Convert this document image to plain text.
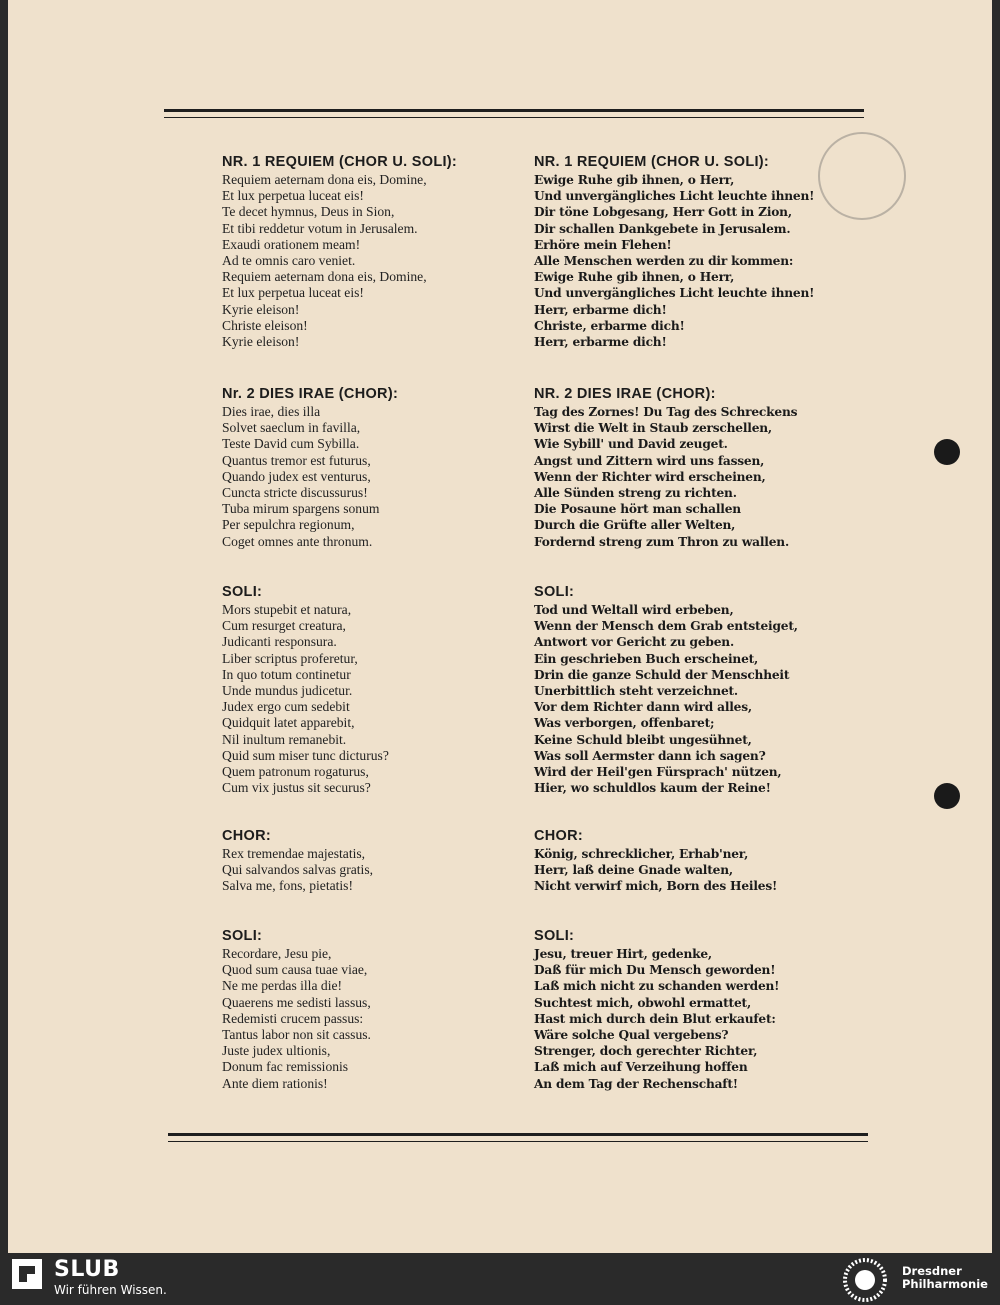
NR. 1 REQUIEM (CHOR U. SOLI):
Requiem aeternam dona eis, Domine,
Et lux perpetua luceat eis!
Te decet hymnus, Deus in Sion,
Et tibi reddetur votum in Jerusalem.
Exaudi orationem meam!
Ad te omnis caro veniet.
Requiem aeternam dona eis, Domine,
Et lux perpetua luceat eis!
Kyrie eleison!
Christe eleison!
Kyrie eleison!
Nr. 2 DIES IRAE (CHOR):
Dies irae, dies illa
Solvet saeclum in favilla,
Teste David cum Sybilla.
Quantus tremor est futurus,
Quando judex est venturus,
Cuncta stricte discussurus!
Tuba mirum spargens sonum
Per sepulchra regionum,
Coget omnes ante thronum.
SOLI:
Mors stupebit et natura,
Cum resurget creatura,
Judicanti responsura.
Liber scriptus proferetur,
In quo totum continetur
Unde mundus judicetur.
Judex ergo cum sedebit
Quidquit latet apparebit,
Nil inultum remanebit.
Quid sum miser tunc dicturus?
Quem patronum rogaturus,
Cum vix justus sit securus?
CHOR:
Rex tremendae majestatis,
Qui salvandos salvas gratis,
Salva me, fons, pietatis!
SOLI:
Recordare, Jesu pie,
Quod sum causa tuae viae,
Ne me perdas illa die!
Quaerens me sedisti lassus,
Redemisti crucem passus:
Tantus labor non sit cassus.
Juste judex ultionis,
Donum fac remissionis
Ante diem rationis!
NR. 1 REQUIEM (CHOR U. SOLI):
Ewige Ruhe gib ihnen, o Herr,
Und unvergängliches Licht leuchte ihnen!
Dir töne Lobgesang, Herr Gott in Zion,
Dir schallen Dankgebete in Jerusalem.
Erhöre mein Flehen!
Alle Menschen werden zu dir kommen:
Ewige Ruhe gib ihnen, o Herr,
Und unvergängliches Licht leuchte ihnen!
Herr, erbarme dich!
Christe, erbarme dich!
Herr, erbarme dich!
NR. 2 DIES IRAE (CHOR):
Tag des Zornes! Du Tag des Schreckens
Wirst die Welt in Staub zerschellen,
Wie Sybill' und David zeuget.
Angst und Zittern wird uns fassen,
Wenn der Richter wird erscheinen,
Alle Sünden streng zu richten.
Die Posaune hört man schallen
Durch die Grüfte aller Welten,
Fordernd streng zum Thron zu wallen.
SOLI:
Tod und Weltall wird erbeben,
Wenn der Mensch dem Grab entsteiget,
Antwort vor Gericht zu geben.
Ein geschrieben Buch erscheinet,
Drin die ganze Schuld der Menschheit
Unerbittlich steht verzeichnet.
Vor dem Richter dann wird alles,
Was verborgen, offenbaret;
Keine Schuld bleibt ungesühnet,
Was soll Aermster dann ich sagen?
Wird der Heil'gen Fürsprach' nützen,
Hier, wo schuldlos kaum der Reine!
CHOR:
König, schrecklicher, Erhab'ner,
Herr, laß deine Gnade walten,
Nicht verwirf mich, Born des Heiles!
SOLI:
Jesu, treuer Hirt, gedenke,
Daß für mich Du Mensch geworden!
Laß mich nicht zu schanden werden!
Suchtest mich, obwohl ermattet,
Hast mich durch dein Blut erkaufet:
Wäre solche Qual vergebens?
Strenger, doch gerechter Richter,
Laß mich auf Verzeihung hoffen
An dem Tag der Rechenschaft!
SLUB
Wir führen Wissen.
Dresdner
Philharmonie
